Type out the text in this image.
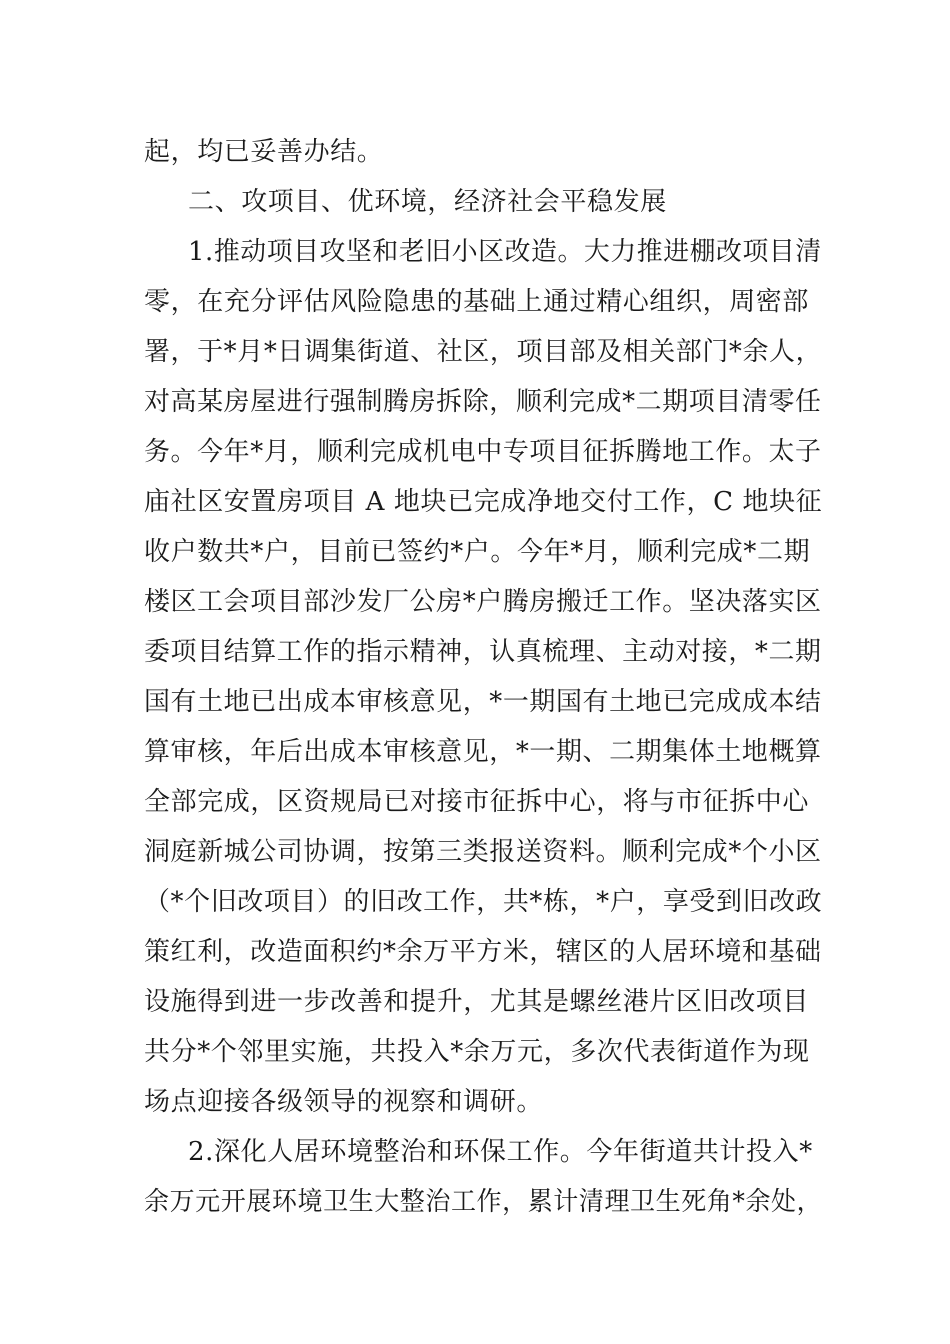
起，均已妥善办结。
二、攻项目、优环境，经济社会平稳发展
1.推动项目攻坚和老旧小区改造。大力推进棚改项目清
零，在充分评估风险隐患的基础上通过精心组织，周密部
署，于*月*日调集街道、社区，项目部及相关部门*余人，
对高某房屋进行强制腾房拆除，顺利完成*二期项目清零任
务。今年*月，顺利完成机电中专项目征拆腾地工作。太子
庙社区安置房项目 A 地块已完成净地交付工作，C 地块征
收户数共*户，目前已签约*户。今年*月，顺利完成*二期
楼区工会项目部沙发厂公房*户腾房搬迁工作。坚决落实区
委项目结算工作的指示精神，认真梳理、主动对接，*二期
国有土地已出成本审核意见，*一期国有土地已完成成本结
算审核，年后出成本审核意见，*一期、二期集体土地概算
全部完成，区资规局已对接市征拆中心，将与市征拆中心
洞庭新城公司协调，按第三类报送资料。顺利完成*个小区
（*个旧改项目）的旧改工作，共*栋，*户，享受到旧改政
策红利，改造面积约*余万平方米，辖区的人居环境和基础
设施得到进一步改善和提升，尤其是螺丝港片区旧改项目
共分*个邻里实施，共投入*余万元，多次代表街道作为现
场点迎接各级领导的视察和调研。
2.深化人居环境整治和环保工作。今年街道共计投入*
余万元开展环境卫生大整治工作，累计清理卫生死角*余处，
